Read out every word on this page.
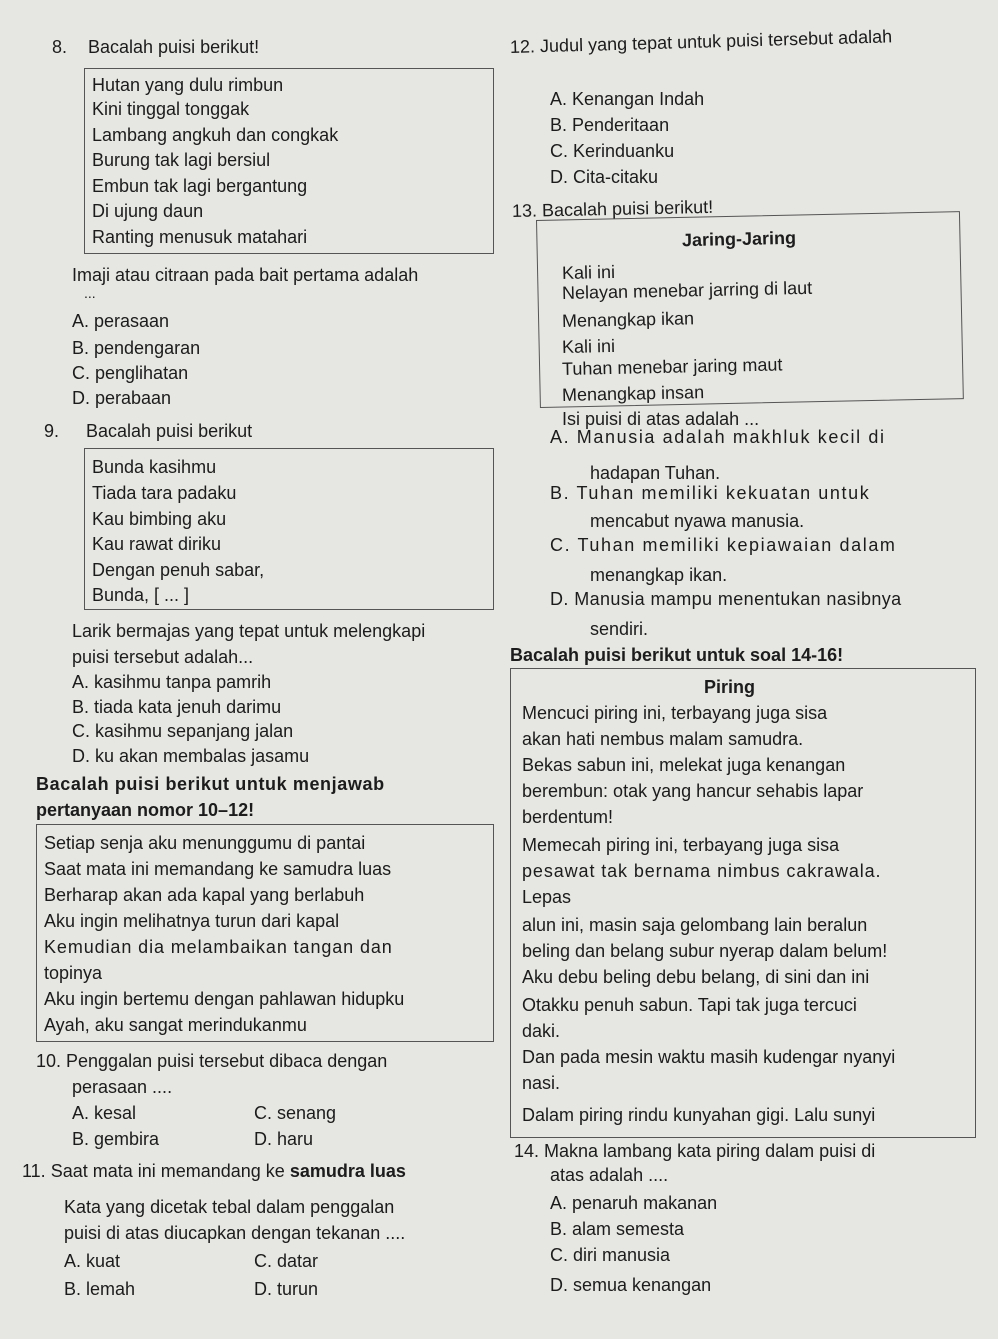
8. Bacalah puisi berikut!
Hutan yang dulu rimbun
Kini tinggal tonggak
Lambang angkuh dan congkak
Burung tak lagi bersiul
Embun tak lagi bergantung
Di ujung daun
Ranting menusuk matahari
Imaji atau citraan pada bait pertama adalah
...
A. perasaan
B. pendengaran
C. penglihatan
D. perabaan
9. Bacalah puisi berikut
Bunda kasihmu
Tiada tara padaku
Kau bimbing aku
Kau rawat diriku
Dengan penuh sabar,
Bunda, [ ... ]
Larik bermajas yang tepat untuk melengkapi
puisi tersebut adalah...
A. kasihmu tanpa pamrih
B. tiada kata jenuh darimu
C. kasihmu sepanjang jalan
D. ku akan membalas jasamu
Bacalah puisi berikut untuk menjawab
pertanyaan nomor 10–12!
Setiap senja aku menunggumu di pantai
Saat mata ini memandang ke samudra luas
Berharap akan ada kapal yang berlabuh
Aku ingin melihatnya turun dari kapal
Kemudian dia melambaikan tangan dan
topinya
Aku ingin bertemu dengan pahlawan hidupku
Ayah, aku sangat merindukanmu
10. Penggalan puisi tersebut dibaca dengan
perasaan ....
A. kesal	C. senang
B. gembira	D. haru
11. Saat mata ini memandang ke samudra luas
Kata yang dicetak tebal dalam penggalan
puisi di atas diucapkan dengan tekanan ....
A. kuat	C. datar
B. lemah	D. turun
12. Judul yang tepat untuk puisi tersebut adalah
A. Kenangan Indah
B. Penderitaan
C. Kerinduanku
D. Cita-citaku
13. Bacalah puisi berikut!
Jaring-Jaring
Kali ini
Nelayan menebar jarring di laut
Menangkap ikan
Kali ini
Tuhan menebar jaring maut
Menangkap insan
Isi puisi di atas adalah ...
A. Manusia adalah makhluk kecil di
hadapan Tuhan.
B. Tuhan memiliki kekuatan untuk
mencabut nyawa manusia.
C. Tuhan memiliki kepiawaian dalam
menangkap ikan.
D. Manusia mampu menentukan nasibnya
sendiri.
Bacalah puisi berikut untuk soal 14-16!
Piring
Mencuci piring ini, terbayang juga sisa
akan hati nembus malam samudra.
Bekas sabun ini, melekat juga kenangan
berembun: otak yang hancur sehabis lapar
berdentum!
Memecah piring ini, terbayang juga sisa
pesawat tak bernama nimbus cakrawala.
Lepas
alun ini, masin saja gelombang lain beralun
beling dan belang subur nyerap dalam belum!
Aku debu beling debu belang, di sini dan ini
Otakku penuh sabun. Tapi tak juga tercuci
daki.
Dan pada mesin waktu masih kudengar nyanyi
nasi.
Dalam piring rindu kunyahan gigi. Lalu sunyi
14. Makna lambang kata piring dalam puisi di
atas adalah ....
A. penaruh makanan
B. alam semesta
C. diri manusia
D. semua kenangan
